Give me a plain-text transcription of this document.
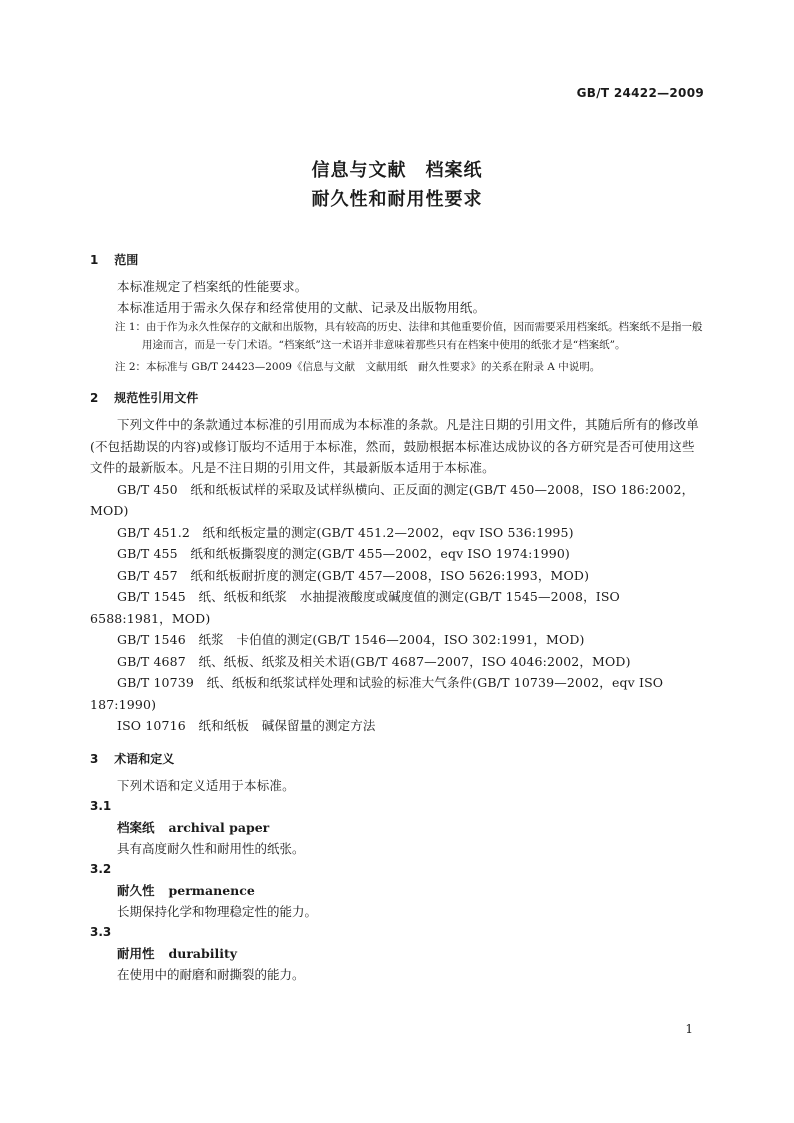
GB/T 24422—2009
信息与文献　档案纸
耐久性和耐用性要求

1 范围

本标准规定了档案纸的性能要求。

本标准适用于需永久保存和经常使用的文献、记录及出版物用纸。

注 1：由于作为永久性保存的文献和出版物，具有较高的历史、法律和其他重要价值，因而需要采用档案纸。档案纸不是指一般用途而言，而是一专门术语。“档案纸”这一术语并非意味着那些只有在档案中使用的纸张才是“档案纸”。

注 2：本标准与 GB/T 24423—2009《信息与文献　文献用纸　耐久性要求》的关系在附录 A 中说明。

2 规范性引用文件

下列文件中的条款通过本标准的引用而成为本标准的条款。凡是注日期的引用文件，其随后所有的修改单(不包括勘误的内容)或修订版均不适用于本标准，然而，鼓励根据本标准达成协议的各方研究是否可使用这些文件的最新版本。凡是不注日期的引用文件，其最新版本适用于本标准。

GB/T 450　纸和纸板试样的采取及试样纵横向、正反面的测定(GB/T 450—2008，ISO 186:2002，MOD)

GB/T 451.2　纸和纸板定量的测定(GB/T 451.2—2002，eqv ISO 536:1995)

GB/T 455　纸和纸板撕裂度的测定(GB/T 455—2002，eqv ISO 1974:1990)

GB/T 457　纸和纸板耐折度的测定(GB/T 457—2008，ISO 5626:1993，MOD)

GB/T 1545　纸、纸板和纸浆　水抽提液酸度或碱度值的测定(GB/T 1545—2008，ISO 6588:1981，MOD)

GB/T 1546　纸浆　卡伯值的测定(GB/T 1546—2004，ISO 302:1991，MOD)

GB/T 4687　纸、纸板、纸浆及相关术语(GB/T 4687—2007，ISO 4046:2002，MOD)

GB/T 10739　纸、纸板和纸浆试样处理和试验的标准大气条件(GB/T 10739—2002，eqv ISO 187:1990)

ISO 10716　纸和纸板　碱保留量的测定方法

3 术语和定义

下列术语和定义适用于本标准。

3.1

档案纸 archival paper

具有高度耐久性和耐用性的纸张。

3.2

耐久性 permanence

长期保持化学和物理稳定性的能力。

3.3

耐用性 durability

在使用中的耐磨和耐撕裂的能力。

1
